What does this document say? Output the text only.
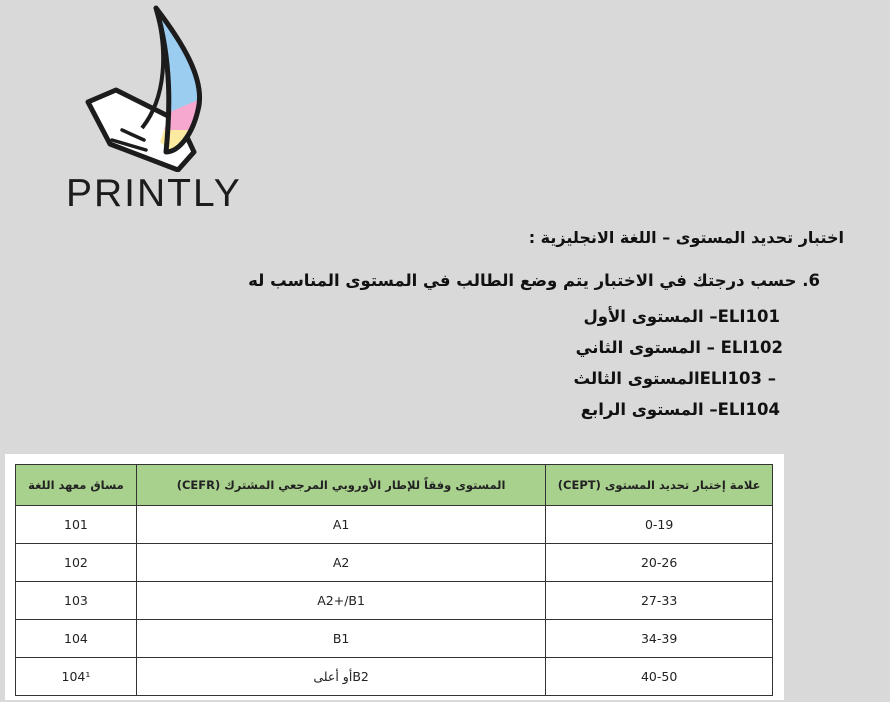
PRINTLY
اختبار تحديد المستوى – اللغة الانجليزية :
6. حسب درجتك في الاختبار يتم وضع الطالب في المستوى المناسب له
ELI101– المستوى الأول
ELI102 – المستوى الثاني
– ELI103المستوى الثالث
ELI104– المستوى الرابع
علامة إختبار تحديد المستوى (CEPT)	المستوى وفقاً للإطار الأوروبي المرجعي المشترك (CEFR)	مساق معهد اللغة
0-19	A1	101
20-26	A2	102
27-33	A2+/B1	103
34-39	B1	104
40-50	B2أو أعلى	104¹
